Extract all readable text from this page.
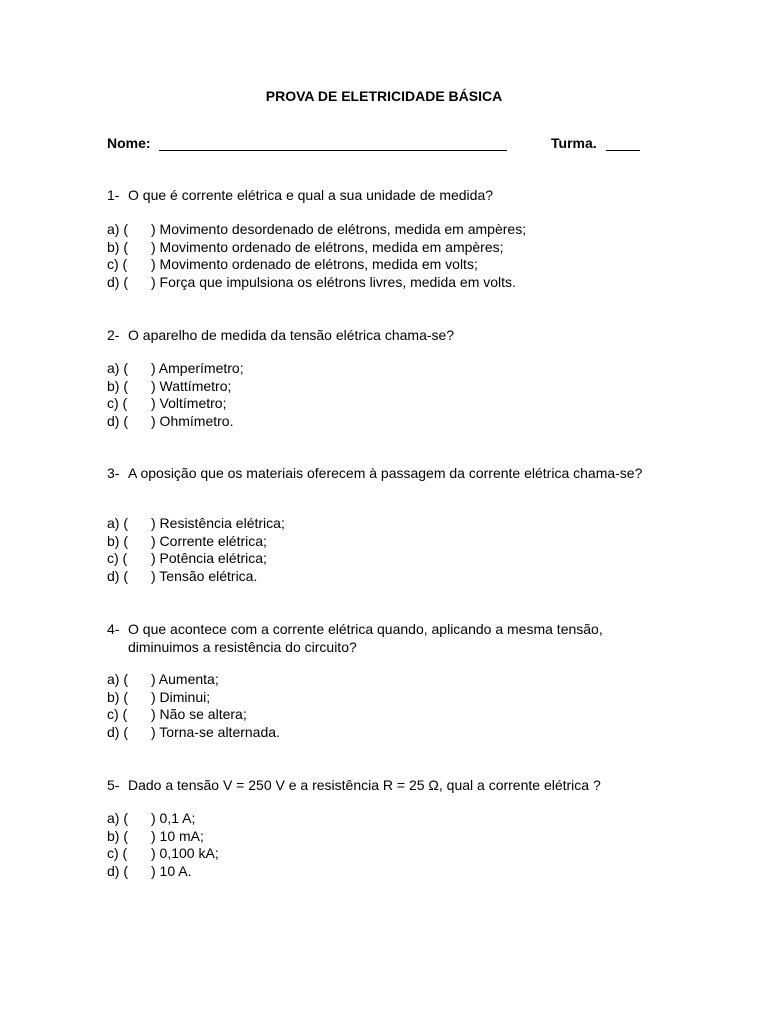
PROVA DE ELETRICIDADE BÁSICA
Nome:	Turma.
1- O que é corrente elétrica e qual a sua unidade de medida?
a) ( ) Movimento desordenado de elétrons, medida em ampères;
b) ( ) Movimento ordenado de elétrons, medida em ampères;
c) ( ) Movimento ordenado de elétrons, medida em volts;
d) ( ) Força que impulsiona os elétrons livres, medida em volts.
2- O aparelho de medida da tensão elétrica chama-se?
a) ( ) Amperímetro;
b) ( ) Wattímetro;
c) ( ) Voltímetro;
d) ( ) Ohmímetro.
3- A oposição que os materiais oferecem à passagem da corrente elétrica chama-se?
a) ( ) Resistência elétrica;
b) ( ) Corrente elétrica;
c) ( ) Potência elétrica;
d) ( ) Tensão elétrica.
4- O que acontece com a corrente elétrica quando, aplicando a mesma tensão, diminuimos a resistência do circuito?
a) ( ) Aumenta;
b) ( ) Diminui;
c) ( ) Não se altera;
d) ( ) Torna-se alternada.
5- Dado a tensão V = 250 V e a resistência R = 25 Ω, qual a corrente elétrica ?
a) ( ) 0,1 A;
b) ( ) 10 mA;
c) ( ) 0,100 kA;
d) ( ) 10 A.
